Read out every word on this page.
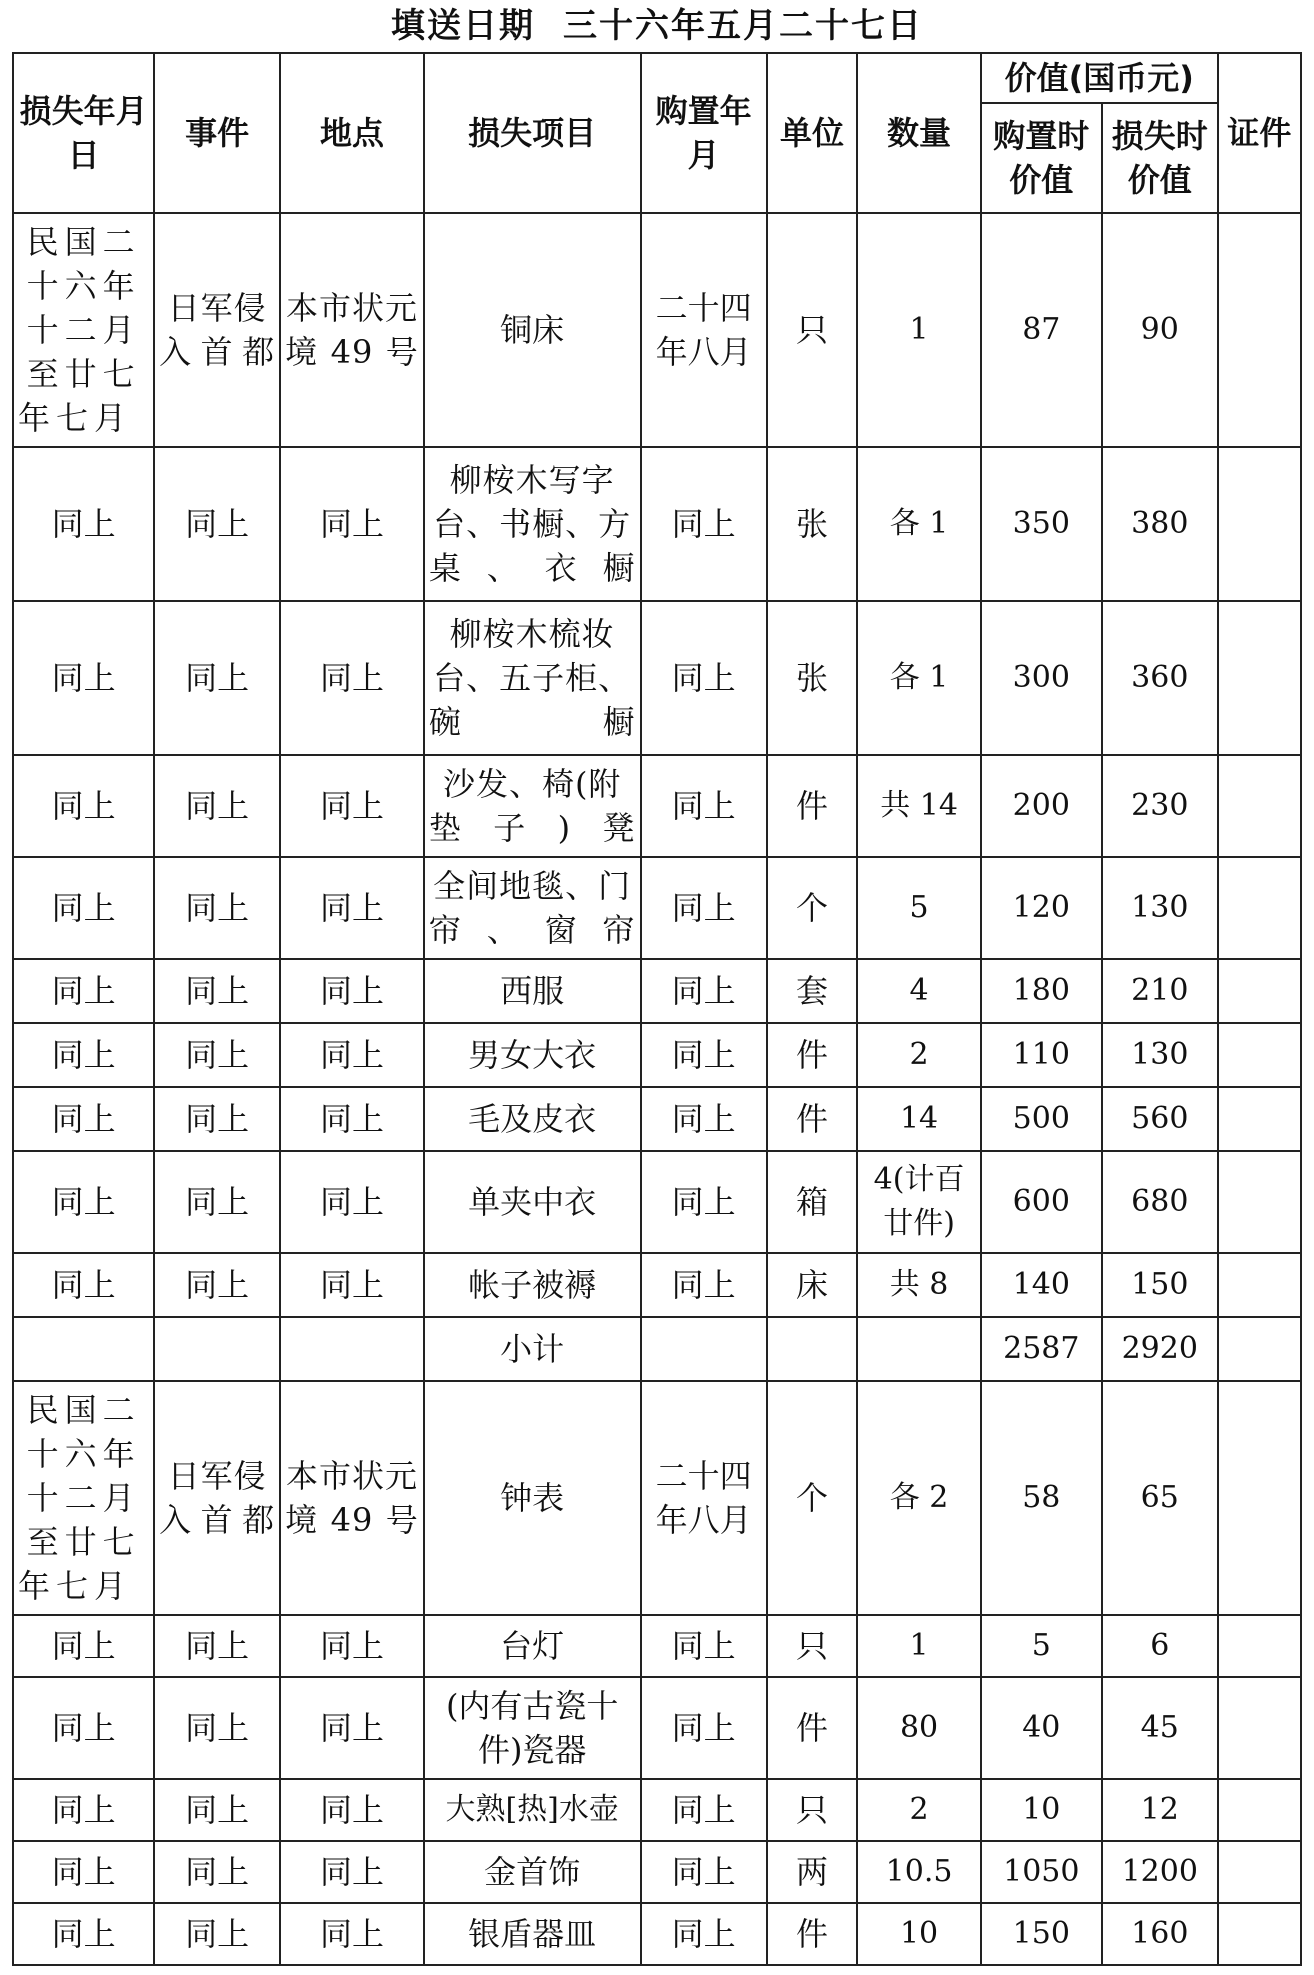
填送日期 三十六年五月二十七日
损失年月日	事件	地点	损失项目	购置年月	单位	数量	价值(国币元)		证件
							购置时价值	损失时价值	
民国二十六年十二月至廿七年七月	日军侵入首都	本市状元境49号	铜床	二十四年八月	只	1	87	90	
同上	同上	同上	柳桉木写字台、书橱、方桌、衣橱	同上	张	各 1	350	380	
同上	同上	同上	柳桉木梳妆台、五子柜、碗橱	同上	张	各 1	300	360	
同上	同上	同上	沙发、椅(附垫子)凳	同上	件	共 14	200	230	
同上	同上	同上	全间地毯、门帘、窗帘	同上	个	5	120	130	
同上	同上	同上	西服	同上	套	4	180	210	
同上	同上	同上	男女大衣	同上	件	2	110	130	
同上	同上	同上	毛及皮衣	同上	件	14	500	560	
同上	同上	同上	单夹中衣	同上	箱	4(计百廿件)	600	680	
同上	同上	同上	帐子被褥	同上	床	共 8	140	150	
			小计				2587	2920	
民国二十六年十二月至廿七年七月	日军侵入首都	本市状元境49号	钟表	二十四年八月	个	各 2	58	65	
同上	同上	同上	台灯	同上	只	1	5	6	
同上	同上	同上	(内有古瓷十件)瓷器	同上	件	80	40	45	
同上	同上	同上	大熟[热]水壶	同上	只	2	10	12	
同上	同上	同上	金首饰	同上	两	10.5	1050	1200	
同上	同上	同上	银盾器皿	同上	件	10	150	160	
